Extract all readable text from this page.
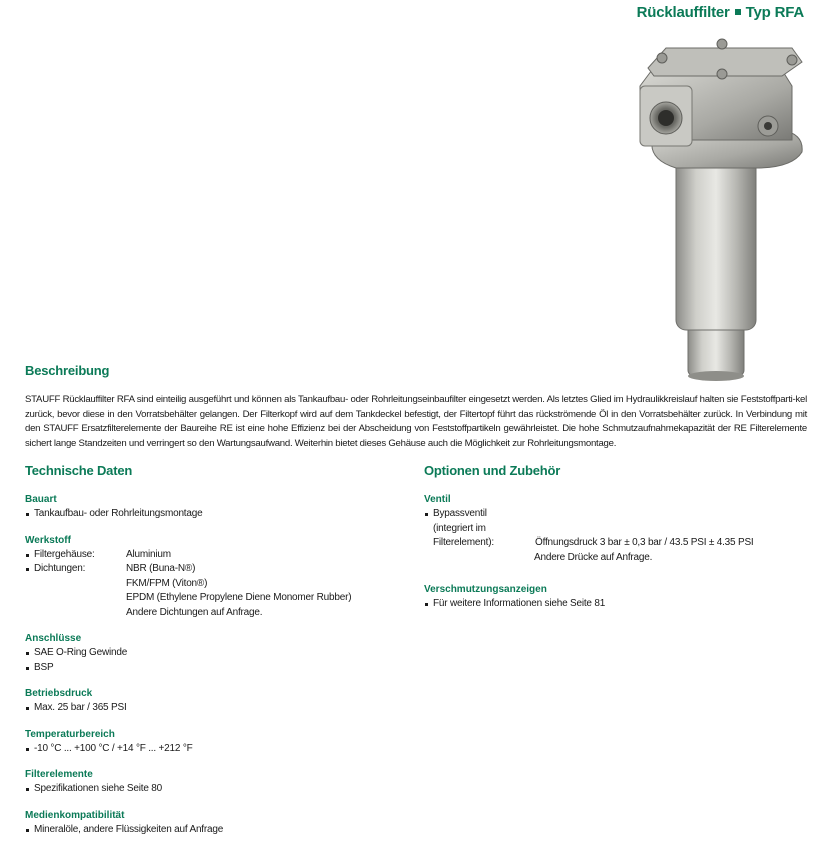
Rücklauffilter Typ RFA
Beschreibung
STAUFF Rücklauffilter RFA sind einteilig ausgeführt und können als Tankaufbau- oder Rohrleitungseinbaufilter eingesetzt werden. Als letztes Glied im Hydraulikkreislauf halten sie Feststoffparti-kel zurück, bevor diese in den Vorratsbehälter gelangen. Der Filterkopf wird auf dem Tankdeckel befestigt, der Filtertopf führt das rückströmende Öl in den Vorratsbehälter zurück. In Verbindung mit den STAUFF Ersatzfilterelemente der Baureihe RE ist eine hohe Effizienz bei der Abscheidung von Feststoffpartikeln gewährleistet. Die hohe Schmutzaufnahmekapazität der RE Filterelemente sichert lange Standzeiten und verringert so den Wartungsaufwand. Weiterhin bietet dieses Gehäuse auch die Möglichkeit zur Rohrleitungsmontage.
Technische Daten
Bauart
Tankaufbau- oder Rohrleitungsmontage
Werkstoff
Filtergehäuse:	Aluminium
Dichtungen:	NBR (Buna-N®)
FKM/FPM (Viton®)
EPDM (Ethylene Propylene Diene Monomer Rubber)
Andere Dichtungen auf Anfrage.
Anschlüsse
SAE O-Ring Gewinde
BSP
Betriebsdruck
Max. 25 bar / 365 PSI
Temperaturbereich
-10 °C ... +100 °C / +14 °F ... +212 °F
Filterelemente
Spezifikationen siehe Seite 80
Medienkompatibilität
Mineralöle, andere Flüssigkeiten auf Anfrage
Optionen und Zubehör
Ventil
Bypassventil
(integriert im
Filterelement):	Öffnungsdruck 3 bar ± 0,3 bar / 43.5 PSI ± 4.35 PSI
Andere Drücke auf Anfrage.
Verschmutzungsanzeigen
Für weitere Informationen siehe Seite 81
